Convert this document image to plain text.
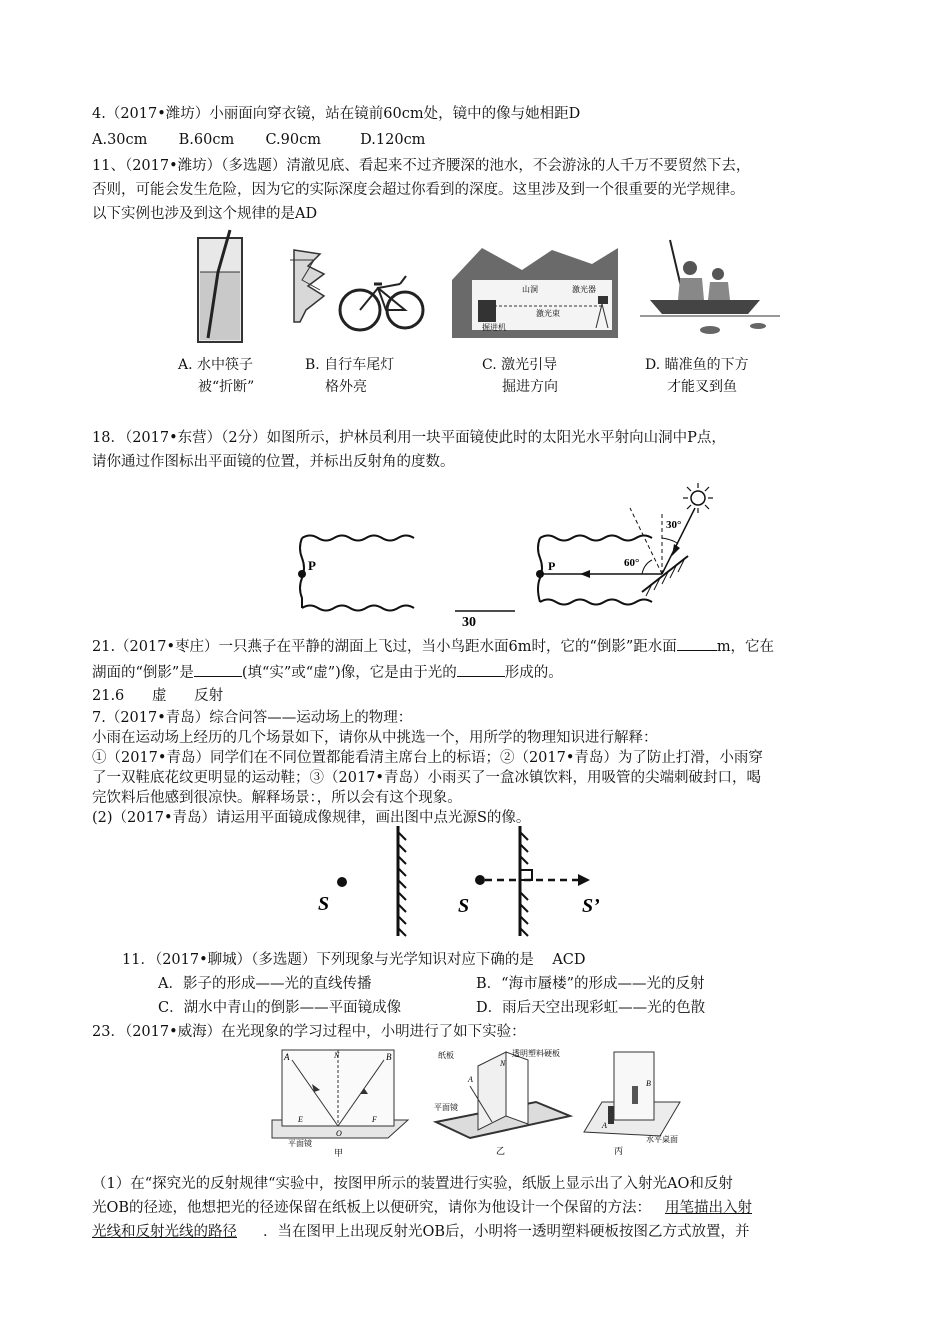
4.（2017•潍坊）小丽面向穿衣镜，站在镜前60cm处，镜中的像与她相距D
A.30cm B.60cm C.90cm	D.120cm
11、（2017•潍坊）（多选题）清澈见底、看起来不过齐腰深的池水，不会游泳的人千万不要贸然下去，
否则，可能会发生危险，因为它的实际深度会超过你看到的深度。这里涉及到一个很重要的光学规律。
以下实例也涉及到这个规律的是AD
山洞	激光器
激光束
掘进机
A. 水中筷子
被“折断”
B. 自行车尾灯
格外亮
C. 激光引导
掘进方向
D. 瞄准鱼的下方
才能叉到鱼
18．（2017•东营）（2分）如图所示，护林员利用一块平面镜使此时的太阳光水平射向山洞中P点，
请你通过作图标出平面镜的位置，并标出反射角的度数。
P
30
P
30°
60°
21.（2017•枣庄）一只燕子在平静的湖面上飞过，当小鸟距水面6m时，它的“倒影”距水面	m，它在
湖面的“倒影”是	(填“实”或“虚”)像，它是由于光的	形成的。
21.6      虚      反射
7.（2017•青岛）综合问答——运动场上的物理：
小雨在运动场上经历的几个场景如下，请你从中挑选一个，用所学的物理知识进行解释：
①（2017•青岛）同学们在不同位置都能看清主席台上的标语；②（2017•青岛）为了防止打滑，小雨穿
了一双鞋底花纹更明显的运动鞋；③（2017•青岛）小雨买了一盒冰镇饮料，用吸管的尖端刺破封口，喝
完饮料后他感到很凉快。解释场景：，所以会有这个现象。
(2)（2017•青岛）请运用平面镜成像规律，画出图中点光源S的像。
S	S	S’
11．（2017•聊城）（多选题）下列现象与光学知识对应下确的是    ACD
A．影子的形成——光的直线传播	B．“海市蜃楼”的形成——光的反射
C．湖水中青山的倒影——平面镜成像	D．雨后天空出现彩虹——光的色散
23．（2017•威海）在光现象的学习过程中，小明进行了如下实验：
A	B
N
O
E	F
平面镜
甲
纸板	透明塑料硬板
平面镜
A
N
乙
A
B
水平桌面
丙
（1）在“探究光的反射规律“实验中，按图甲所示的装置进行实验，纸版上显示出了入射光AO和反射
光OB的径迹，他想把光的径迹保留在纸板上以便研究，请你为他设计一个保留的方法： 用笔描出入射
光线和反射光线的路径 ．当在图甲上出现反射光OB后，小明将一透明塑料硬板按图乙方式放置，并
